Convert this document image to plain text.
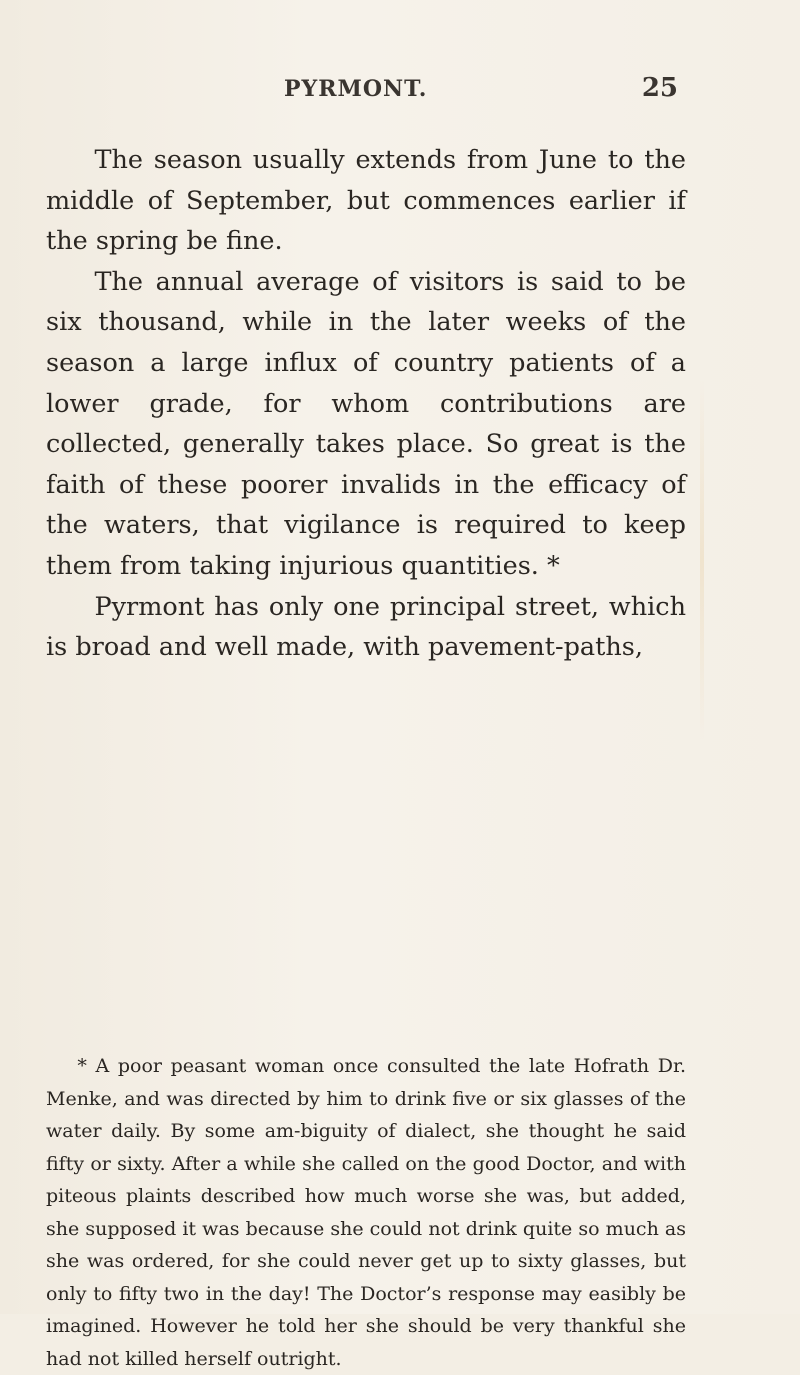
PYRMONT.	25

The season usually extends from June to the middle of September, but commences earlier if the spring be fine.

The annual average of visitors is said to be six thousand, while in the later weeks of the season a large influx of country patients of a lower grade, for whom contributions are collected, generally takes place. So great is the faith of these poorer invalids in the efficacy of the waters, that vigilance is required to keep them from taking injurious quantities. *

Pyrmont has only one principal street, which is broad and well made, with pavement-paths,

* A poor peasant woman once consulted the late Hofrath Dr. Menke, and was directed by him to drink five or six glasses of the water daily. By some am-biguity of dialect, she thought he said fifty or sixty. After a while she called on the good Doctor, and with piteous plaints described how much worse she was, but added, she supposed it was because she could not drink quite so much as she was ordered, for she could never get up to sixty glasses, but only to fifty two in the day! The Doctor’s response may easibly be imagined. However he told her she should be very thankful she had not killed herself outright.
